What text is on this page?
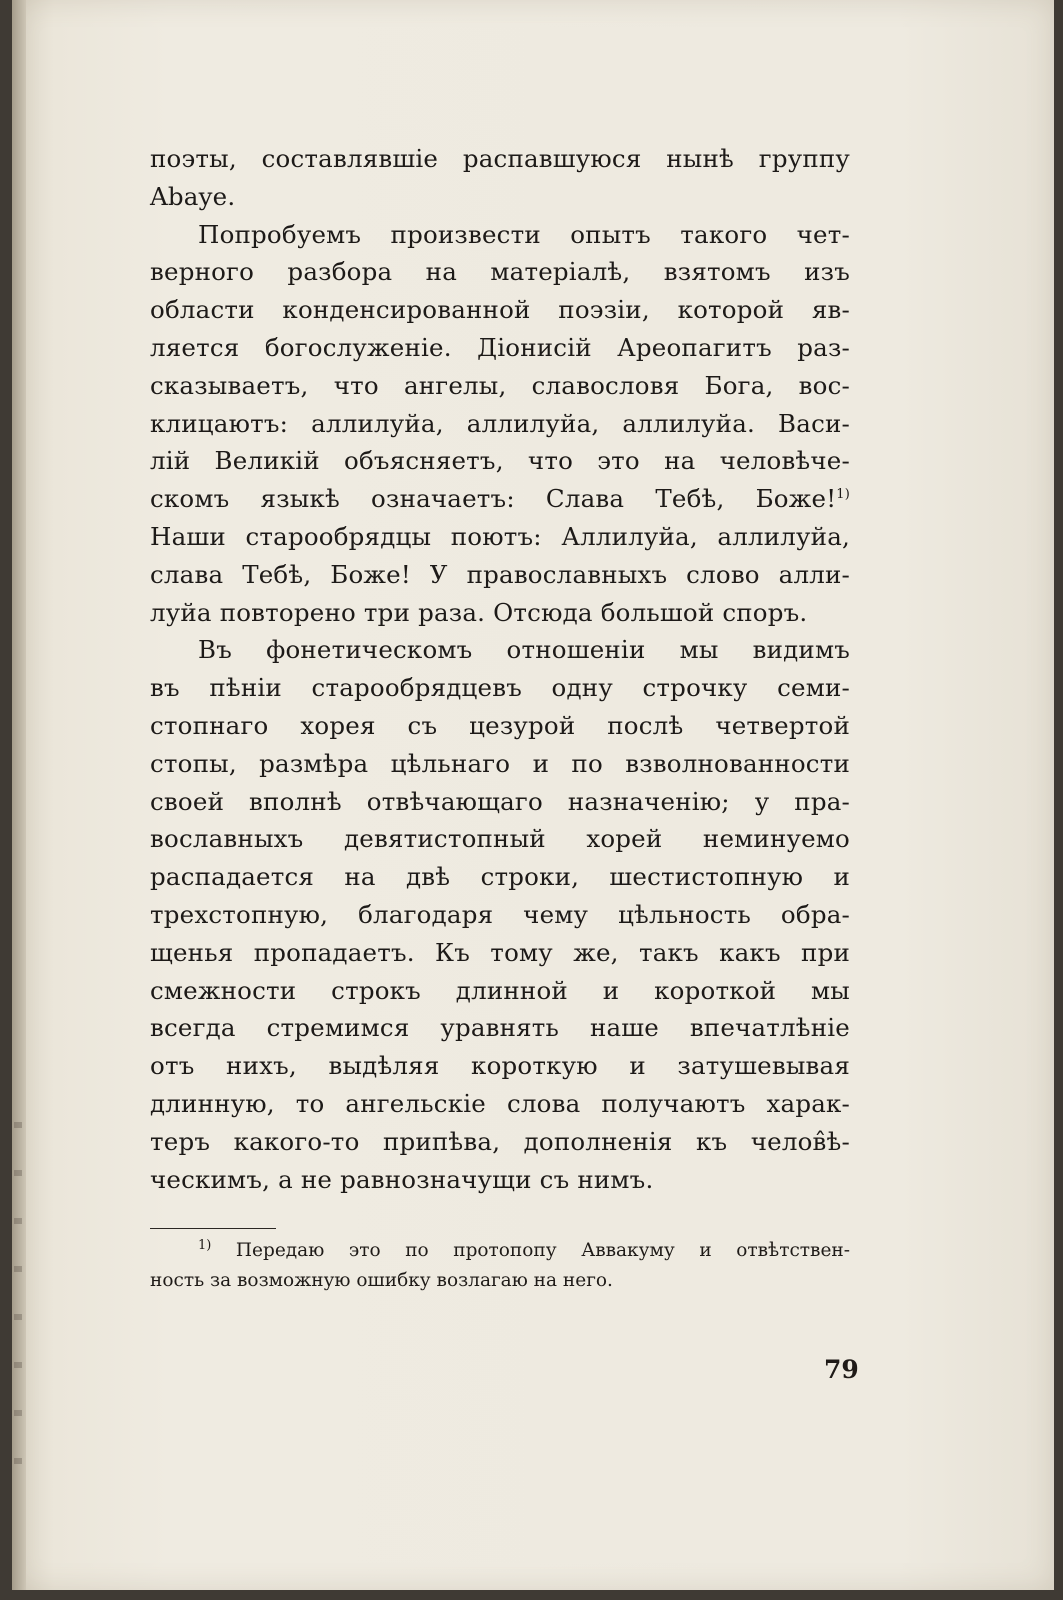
поэты, составлявшіе распавшуюся нынѣ группу
Abaye.
Попробуемъ произвести опытъ такого чет-
верного разбора на матеріалѣ, взятомъ изъ
области конденсированной поэзіи, которой яв-
ляется богослуженіе. Діонисій Ареопагитъ раз-
сказываетъ, что ангелы, славословя Бога, вос-
клицаютъ: аллилуйа, аллилуйа, аллилуйа. Васи-
лій Великій объясняетъ, что это на человѣче-
скомъ языкѣ означаетъ: Слава Тебѣ, Боже!$^{1)}$
Наши старообрядцы поютъ: Аллилуйа, аллилуйа,
слава Тебѣ, Боже! У православныхъ слово алли-
луйа повторено три раза. Отсюда большой споръ.
Въ фонетическомъ отношеніи мы видимъ
въ пѣніи старообрядцевъ одну строчку семи-
стопнаго хорея съ цезурой послѣ четвертой
стопы, размѣра цѣльнаго и по взволнованности
своей вполнѣ отвѣчающаго назначенію; у пра-
вославныхъ девятистопный хорей неминуемо
распадается на двѣ строки, шестистопную и
трехстопную, благодаря чему цѣльность обра-
щенья пропадаетъ. Къ тому же, такъ какъ при
смежности строкъ длинной и короткой мы
всегда стремимся уравнять наше впечатлѣніе
отъ нихъ, выдѣляя короткую и затушевывая
длинную, то ангельскіе слова получаютъ харак-
теръ какого-то припѣва, дополненія къ челов̂ѣ-
ческимъ, а не равнозначущи съ нимъ.
$^{1)}$ Передаю это по протопопу Аввакуму и отвѣтствен-
ность за возможную ошибку возлагаю на него.
79
